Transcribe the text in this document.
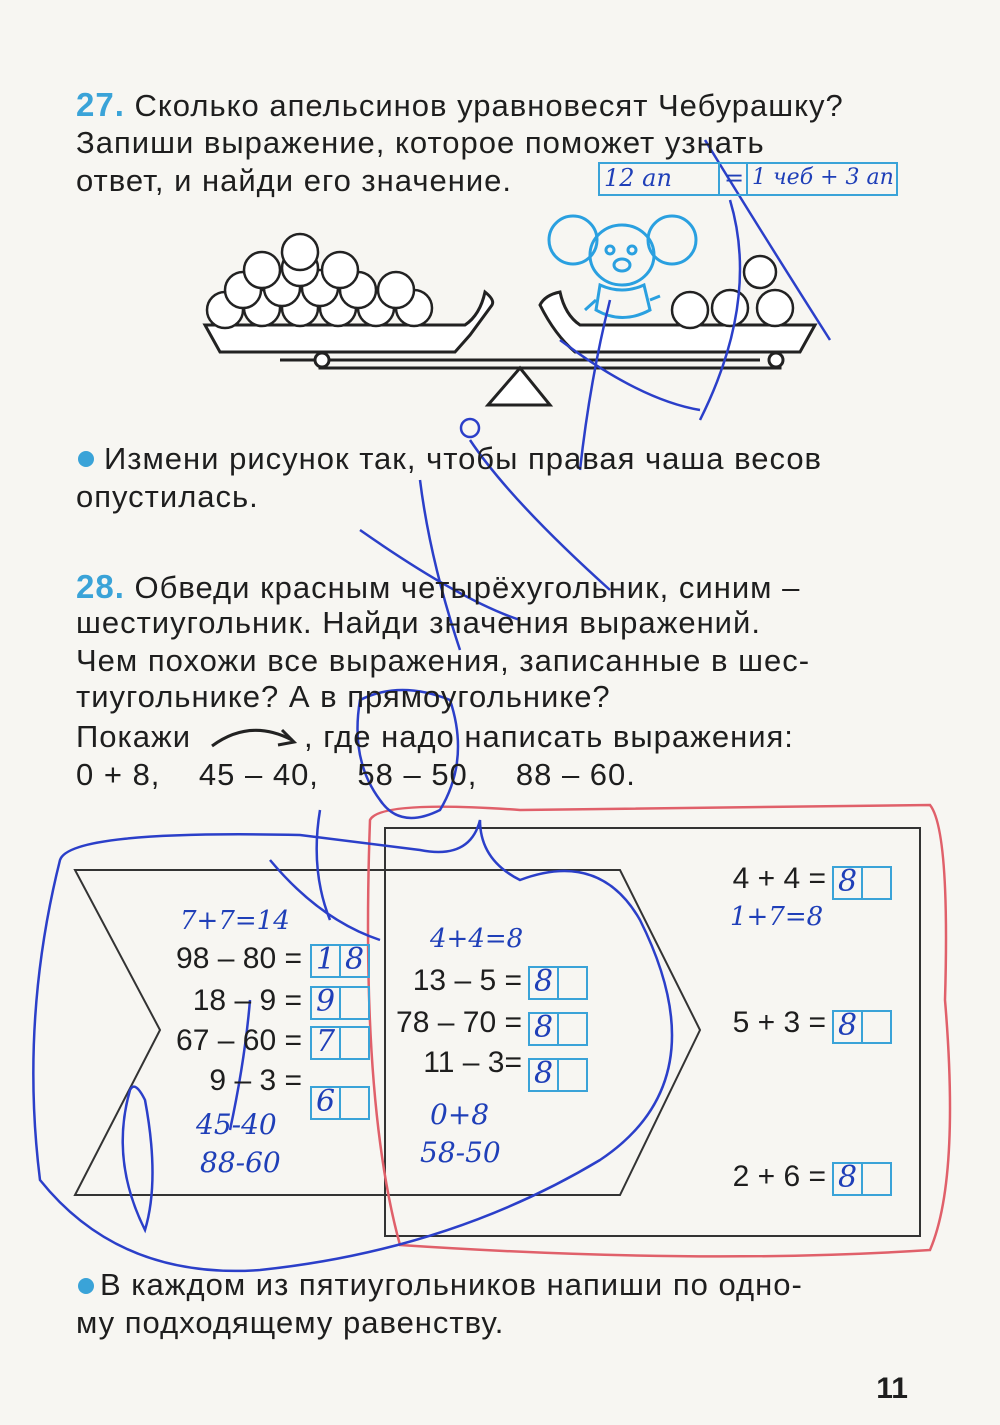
27. Сколько апельсинов уравновесят Чебурашку?
Запиши выражение, которое поможет узнать
ответ, и найди его значение.	12 ап = 1 чеб + 3 ап
Измени рисунок так, чтобы правая чаша весов
опустилась.
28. Обведи красным четырёхугольник, синим –
шестиугольник. Найди значения выражений.
Чем похожи все выражения, записанные в шес-
тиугольнике? А в прямоугольнике?
Покажи	, где надо написать выражения:
0 + 8,    45 – 40,    58 – 50,    88 – 60.
7+7=14
98 – 80 = 1 8
18 – 9 = 9
67 – 60 = 7
9 – 3 =
6
45-40
88-60
4+4=8
13 – 5 = 8
78 – 70 = 8
11 – 3= 8
0+8
58-50
4 + 4 = 8
1+7=8
5 + 3 = 8
2 + 6 = 8
В каждом из пятиугольников напиши по одно-
му подходящему равенству.
11
